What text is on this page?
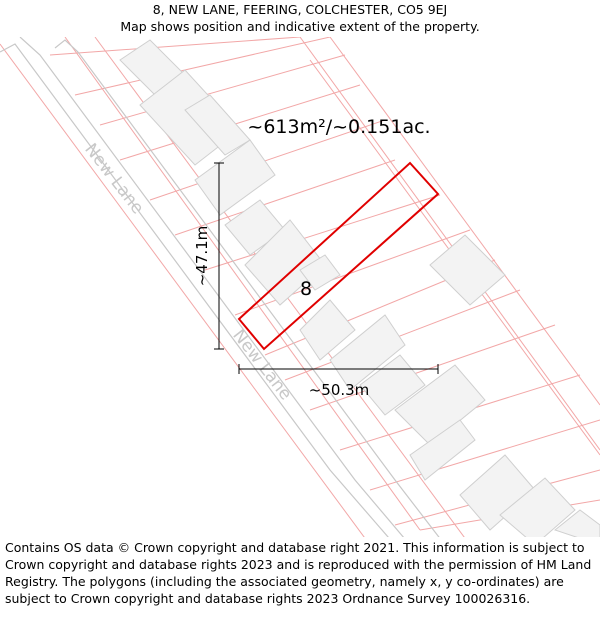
8, NEW LANE, FEERING, COLCHESTER, CO5 9EJ
Map shows position and indicative extent of the property.
New Lane
New Lane
8
~613m²/~0.151ac.
~47.1m
~50.3m
Contains OS data © Crown copyright and database right 2021. This information is subject to Crown copyright and database rights 2023 and is reproduced with the permission of HM Land Registry. The polygons (including the associated geometry, namely x, y co-ordinates) are subject to Crown copyright and database rights 2023 Ordnance Survey 100026316.
